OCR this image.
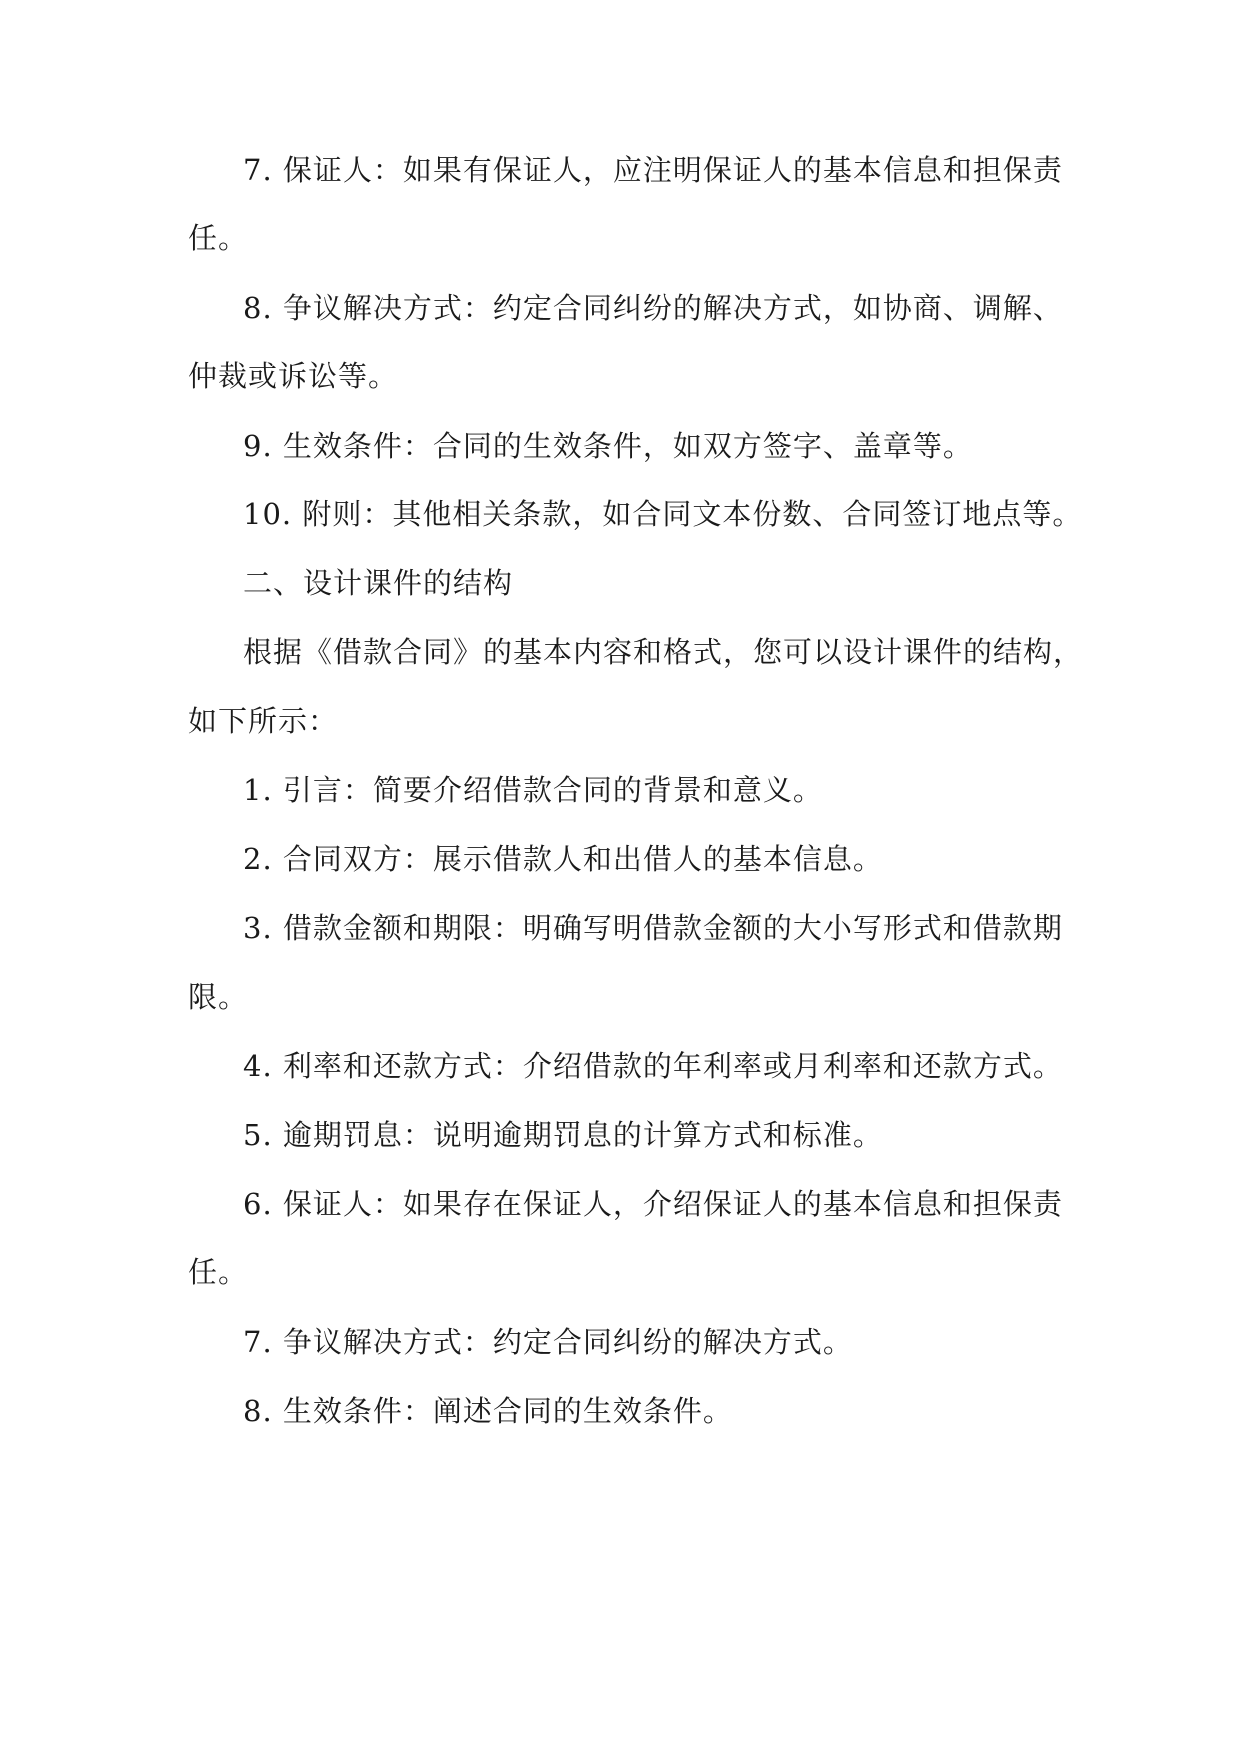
7. 保证人：如果有保证人，应注明保证人的基本信息和担保责
任。
8. 争议解决方式：约定合同纠纷的解决方式，如协商、调解、
仲裁或诉讼等。
9. 生效条件：合同的生效条件，如双方签字、盖章等。
10. 附则：其他相关条款，如合同文本份数、合同签订地点等。
二、设计课件的结构
根据《借款合同》的基本内容和格式，您可以设计课件的结构，
如下所示：
1. 引言：简要介绍借款合同的背景和意义。
2. 合同双方：展示借款人和出借人的基本信息。
3. 借款金额和期限：明确写明借款金额的大小写形式和借款期
限。
4. 利率和还款方式：介绍借款的年利率或月利率和还款方式。
5. 逾期罚息：说明逾期罚息的计算方式和标准。
6. 保证人：如果存在保证人，介绍保证人的基本信息和担保责
任。
7. 争议解决方式：约定合同纠纷的解决方式。
8. 生效条件：阐述合同的生效条件。
